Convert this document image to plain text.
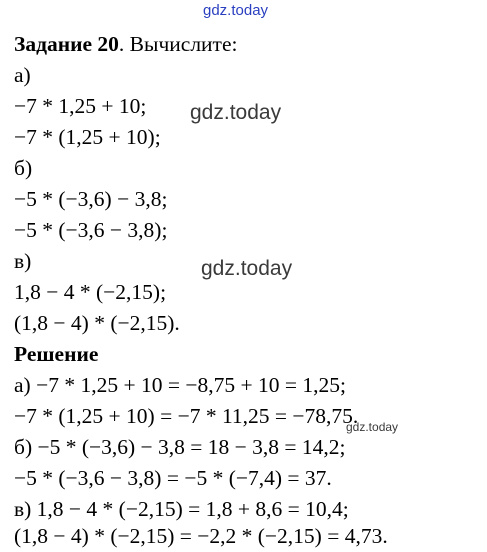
gdz.today
Задание 20. Вычислите:
а)
−7 * 1,25 + 10;
−7 * (1,25 + 10);
б)
−5 * (−3,6) − 3,8;
−5 * (−3,6 − 3,8);
в)
1,8 − 4 * (−2,15);
(1,8 − 4) * (−2,15).
Решение
а) −7 * 1,25 + 10 = −8,75 + 10 = 1,25;
−7 * (1,25 + 10) = −7 * 11,25 = −78,75.
б) −5 * (−3,6) − 3,8 = 18 − 3,8 = 14,2;
−5 * (−3,6 − 3,8) = −5 * (−7,4) = 37.
в) 1,8 − 4 * (−2,15) = 1,8 + 8,6 = 10,4;
(1,8 − 4) * (−2,15) = −2,2 * (−2,15) = 4,73.
gdz.today
gdz.today
gdz.today
